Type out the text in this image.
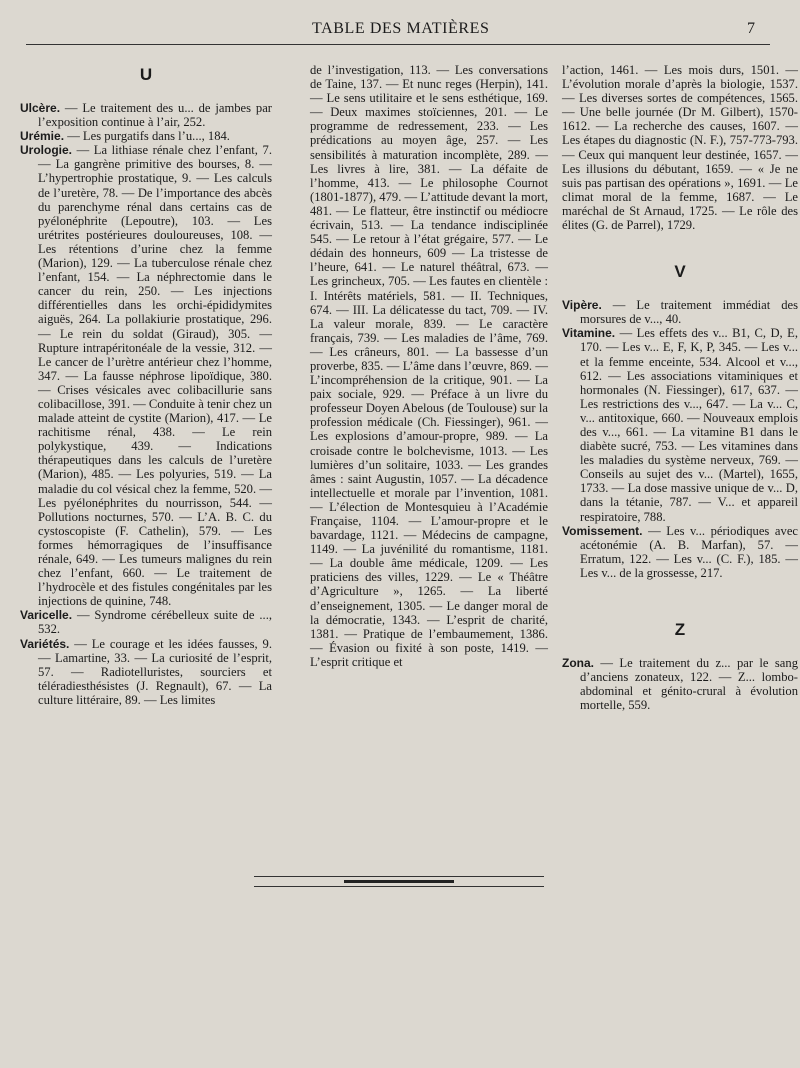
TABLE DES MATIÈRES	7
U

Ulcère. — Le traitement des u... de jambes par l’exposition continue à l’air, 252.

Urémie. — Les purgatifs dans l’u..., 184.

Urologie. — La lithiase rénale chez l’enfant, 7. — La gangrène primitive des bourses, 8. — L’hypertrophie prostatique, 9. — Les calculs de l’uretère, 78. — De l’importance des abcès du parenchyme rénal dans certains cas de pyélonéphrite (Lepoutre), 103. — Les urétrites postérieures douloureuses, 108. — Les rétentions d’urine chez la femme (Marion), 129. — La tuberculose rénale chez l’enfant, 154. — La néphrectomie dans le cancer du rein, 250. — Les injections différentielles dans les orchi-épididymites aiguës, 264. La pollakiurie prostatique, 296. — Le rein du soldat (Giraud), 305. — Rupture intrapéritonéale de la vessie, 312. — Le cancer de l’urètre antérieur chez l’homme, 347. — La fausse néphrose lipoïdique, 380. — Crises vésicales avec colibacillurie sans colibacillose, 391. — Conduite à tenir chez un malade atteint de cystite (Marion), 417. — Le rachitisme rénal, 438. — Le rein polykystique, 439. — Indications thérapeutiques dans les calculs de l’uretère (Marion), 485. — Les polyuries, 519. — La maladie du col vésical chez la femme, 520. — Les pyélonéphrites du nourrisson, 544. — Pollutions nocturnes, 570. — L’A. B. C. du cystoscopiste (F. Cathelin), 579. — Les formes hémorragiques de l’insuffisance rénale, 649. — Les tumeurs malignes du rein chez l’enfant, 660. — Le traitement de l’hydrocèle et des fistules congénitales par les injections de quinine, 748.

Varicelle. — Syndrome cérébelleux suite de ..., 532.

Variétés. — Le courage et les idées fausses, 9. — Lamartine, 33. — La curiosité de l’esprit, 57. — Radiotelluristes, sourciers et téléradiesthésistes (J. Regnault), 67. — La culture littéraire, 89. — Les limites

de l’investigation, 113. — Les conversations de Taine, 137. — Et nunc reges (Herpin), 141. — Le sens utilitaire et le sens esthétique, 169. — Deux maximes stoïciennes, 201. — Le programme de redressement, 233. — Les prédications au moyen âge, 257. — Les sensibilités à maturation incomplète, 289. — Les livres à lire, 381. — La défaite de l’homme, 413. — Le philosophe Cournot (1801-1877), 479. — L’attitude devant la mort, 481. — Le flatteur, être instinctif ou médiocre écrivain, 513. — La tendance indisciplinée 545. — Le retour à l’état grégaire, 577. — Le dédain des honneurs, 609 — La tristesse de l’heure, 641. — Le naturel théâtral, 673. — Les grincheux, 705. — Les fautes en clientèle : I. Intérêts matériels, 581. — II. Techniques, 674. — III. La délicatesse du tact, 709. — IV. La valeur morale, 839. — Le caractère français, 739. — Les maladies de l’âme, 769. — Les crâneurs, 801. — La bassesse d’un proverbe, 835. — L’âme dans l’œuvre, 869. — L’incompréhension de la critique, 901. — La paix sociale, 929. — Préface à un livre du professeur Doyen Abelous (de Toulouse) sur la profession médicale (Ch. Fiessinger), 961. — Les explosions d’amour-propre, 989. — La croisade contre le bolchevisme, 1013. — Les lumières d’un solitaire, 1033. — Les grandes âmes : saint Augustin, 1057. — La décadence intellectuelle et morale par l’invention, 1081. — L’élection de Montesquieu à l’Académie Française, 1104. — L’amour-propre et le bavardage, 1121. — Médecins de campagne, 1149. — La juvénilité du romantisme, 1181. — La double âme médicale, 1209. — Les praticiens des villes, 1229. — Le « Théâtre d’Agriculture », 1265. — La liberté d’enseignement, 1305. — Le danger moral de la démocratie, 1343. — L’esprit de charité, 1381. — Pratique de l’embaumement, 1386. — Évasion ou fixité à son poste, 1419. — L’esprit critique et

l’action, 1461. — Les mois durs, 1501. — L’évolution morale d’après la biologie, 1537. — Les diverses sortes de compétences, 1565. — Une belle journée (Dr M. Gilbert), 1570-1612. — La recherche des causes, 1607. — Les étapes du diagnostic (N. F.), 757-773-793. — Ceux qui manquent leur destinée, 1657. — Les illusions du débutant, 1659. — « Je ne suis pas partisan des opérations », 1691. — Le climat moral de la femme, 1687. — Le maréchal de St Arnaud, 1725. — Le rôle des élites (G. de Parrel), 1729.

V

Vipère. — Le traitement immédiat des morsures de v..., 40.

Vitamine. — Les effets des v... B1, C, D, E, 170. — Les v... E, F, K, P, 345. — Les v... et la femme enceinte, 534. Alcool et v..., 612. — Les associations vitaminiques et hormonales (N. Fiessinger), 617, 637. — Les restrictions des v..., 647. — La v... C, v... antitoxique, 660. — Nouveaux emplois des v..., 661. — La vitamine B1 dans le diabète sucré, 753. — Les vitamines dans les maladies du système nerveux, 769. — Conseils au sujet des v... (Martel), 1655, 1733. — La dose massive unique de v... D, dans la tétanie, 787. — V... et appareil respiratoire, 788.

Vomissement. — Les v... périodiques avec acétonémie (A. B. Marfan), 57. — Erratum, 122. — Les v... (C. F.), 185. — Les v... de la grossesse, 217.

Z

Zona. — Le traitement du z... par le sang d’anciens zonateux, 122. — Z... lombo-abdominal et génito-crural à évolution mortelle, 559.
